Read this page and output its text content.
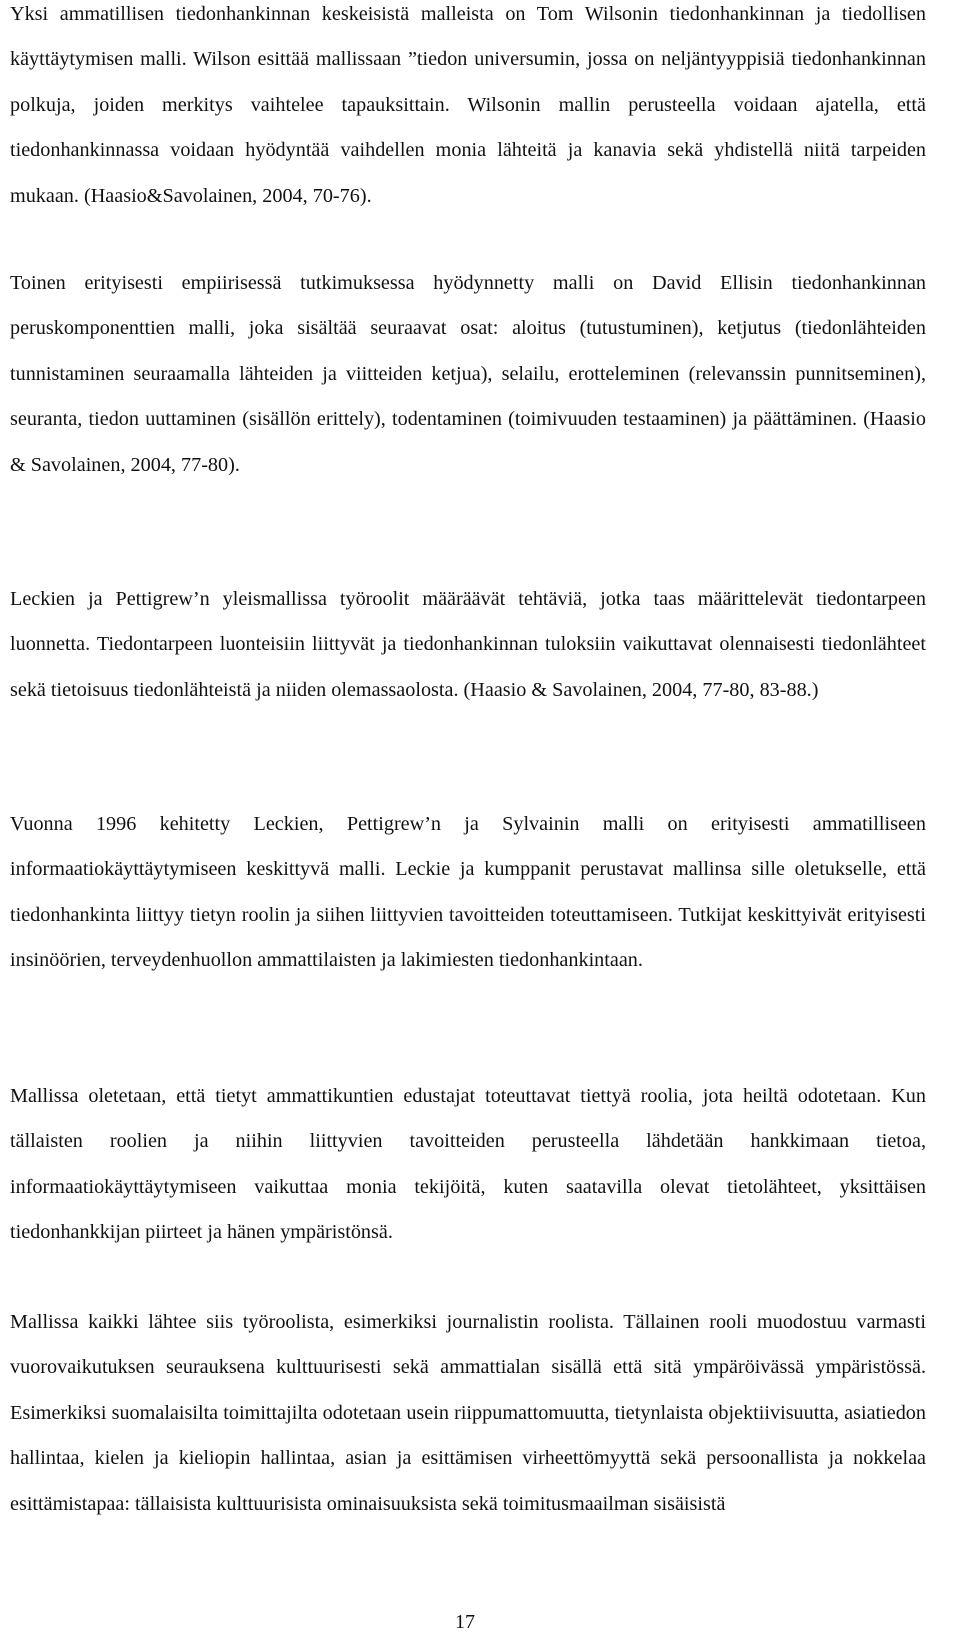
Yksi ammatillisen tiedonhankinnan keskeisistä malleista on Tom Wilsonin tiedonhankinnan ja tiedollisen käyttäytymisen malli. Wilson esittää mallissaan ”tiedon universumin, jossa on neljäntyyppisiä tiedonhankinnan polkuja, joiden merkitys vaihtelee tapauksittain. Wilsonin mallin perusteella voidaan ajatella, että tiedonhankinnassa voidaan hyödyntää vaihdellen monia lähteitä ja kanavia sekä yhdistellä niitä tarpeiden mukaan. (Haasio&Savolainen, 2004, 70-76).

Toinen erityisesti empiirisessä tutkimuksessa hyödynnetty malli on David Ellisin tiedonhankinnan peruskomponenttien malli, joka sisältää seuraavat osat: aloitus (tutustuminen), ketjutus (tiedonlähteiden tunnistaminen seuraamalla lähteiden ja viitteiden ketjua), selailu, erotteleminen (relevanssin punnitseminen), seuranta, tiedon uuttaminen (sisällön erittely), todentaminen (toimivuuden testaaminen) ja päättäminen. (Haasio & Savolainen, 2004, 77-80).

Leckien ja Pettigrew’n yleismallissa työroolit määräävät tehtäviä, jotka taas määrittelevät tiedontarpeen luonnetta. Tiedontarpeen luonteisiin liittyvät ja tiedonhankinnan tuloksiin vaikuttavat olennaisesti tiedonlähteet sekä tietoisuus tiedonlähteistä ja niiden olemassaolosta. (Haasio & Savolainen, 2004, 77-80, 83-88.)

Vuonna 1996 kehitetty Leckien, Pettigrew’n ja Sylvainin malli on erityisesti ammatilliseen informaatiokäyttäytymiseen keskittyvä malli. Leckie ja kumppanit perustavat mallinsa sille oletukselle, että tiedonhankinta liittyy tietyn roolin ja siihen liittyvien tavoitteiden toteuttamiseen. Tutkijat keskittyivät erityisesti insinöörien, terveydenhuollon ammattilaisten ja lakimiesten tiedonhankintaan.

Mallissa oletetaan, että tietyt ammattikuntien edustajat toteuttavat tiettyä roolia, jota heiltä odotetaan. Kun tällaisten roolien ja niihin liittyvien tavoitteiden perusteella lähdetään hankkimaan tietoa, informaatiokäyttäytymiseen vaikuttaa monia tekijöitä, kuten saatavilla olevat tietolähteet, yksittäisen tiedonhankkijan piirteet ja hänen ympäristönsä.

Mallissa kaikki lähtee siis työroolista, esimerkiksi journalistin roolista. Tällainen rooli muodostuu varmasti vuorovaikutuksen seurauksena kulttuurisesti sekä ammattialan sisällä että sitä ympäröivässä ympäristössä. Esimerkiksi suomalaisilta toimittajilta odotetaan usein riippumattomuutta, tietynlaista objektiivisuutta, asiatiedon hallintaa, kielen ja kieliopin hallintaa, asian ja esittämisen virheettömyyttä sekä persoonallista ja nokkelaa esittämistapaa: tällaisista kulttuurisista ominaisuuksista sekä toimitusmaailman sisäisistä

17
